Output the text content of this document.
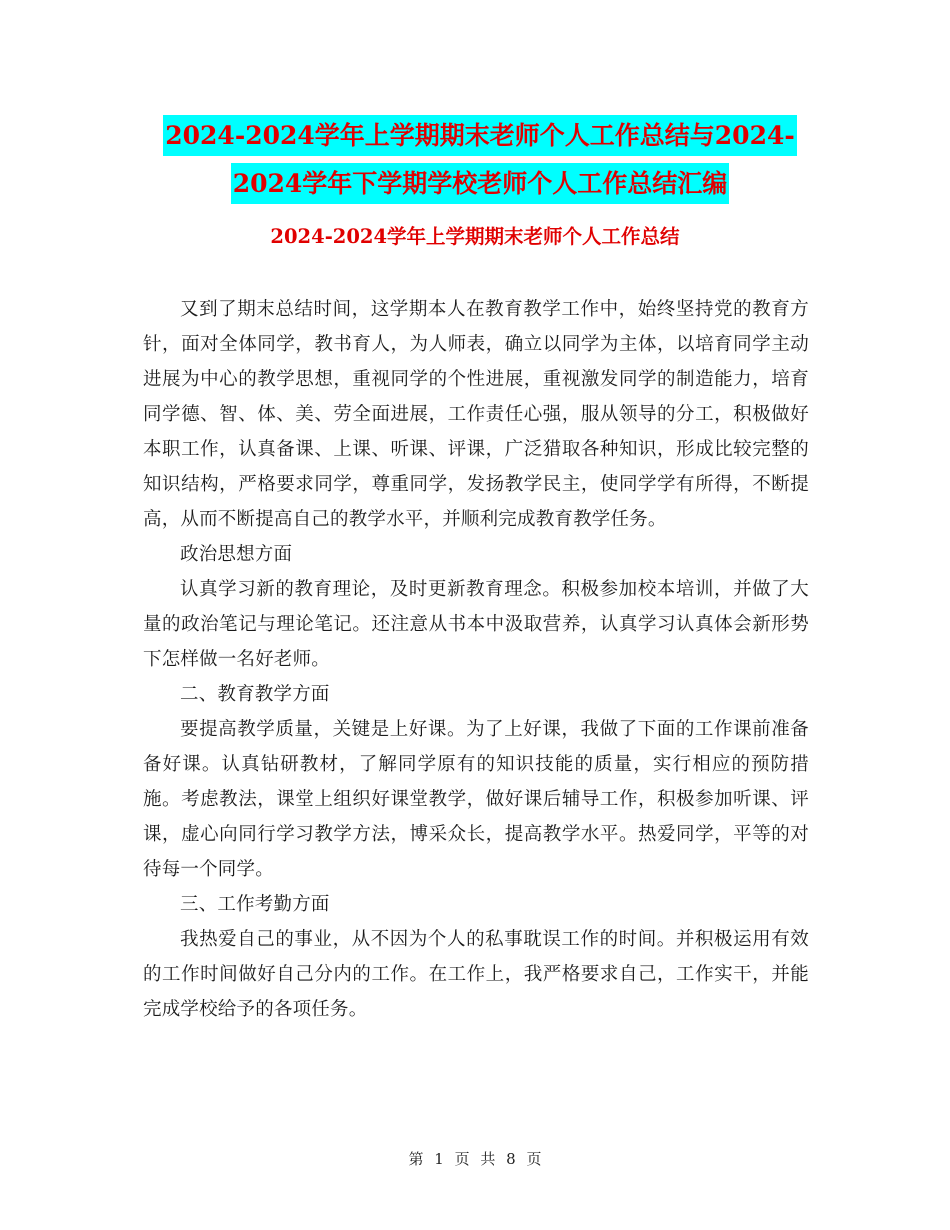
2024-2024学年上学期期末老师个人工作总结与2024-
2024学年下学期学校老师个人工作总结汇编
2024-2024学年上学期期末老师个人工作总结

又到了期末总结时间，这学期本人在教育教学工作中，始终坚持党的教育方针，面对全体同学，教书育人，为人师表，确立以同学为主体，以培育同学主动进展为中心的教学思想，重视同学的个性进展，重视激发同学的制造能力，培育同学德、智、体、美、劳全面进展，工作责任心强，服从领导的分工，积极做好本职工作，认真备课、上课、听课、评课，广泛猎取各种知识，形成比较完整的知识结构，严格要求同学，尊重同学，发扬教学民主，使同学学有所得，不断提高，从而不断提高自己的教学水平，并顺利完成教育教学任务。

政治思想方面

认真学习新的教育理论，及时更新教育理念。积极参加校本培训，并做了大量的政治笔记与理论笔记。还注意从书本中汲取营养，认真学习认真体会新形势下怎样做一名好老师。

二、教育教学方面

要提高教学质量，关键是上好课。为了上好课，我做了下面的工作课前准备备好课。认真钻研教材，了解同学原有的知识技能的质量，实行相应的预防措施。考虑教法，课堂上组织好课堂教学，做好课后辅导工作，积极参加听课、评课，虚心向同行学习教学方法，博采众长，提高教学水平。热爱同学，平等的对待每一个同学。

三、工作考勤方面

我热爱自己的事业，从不因为个人的私事耽误工作的时间。并积极运用有效的工作时间做好自己分内的工作。在工作上，我严格要求自己，工作实干，并能完成学校给予的各项任务。

第 1 页 共 8 页
